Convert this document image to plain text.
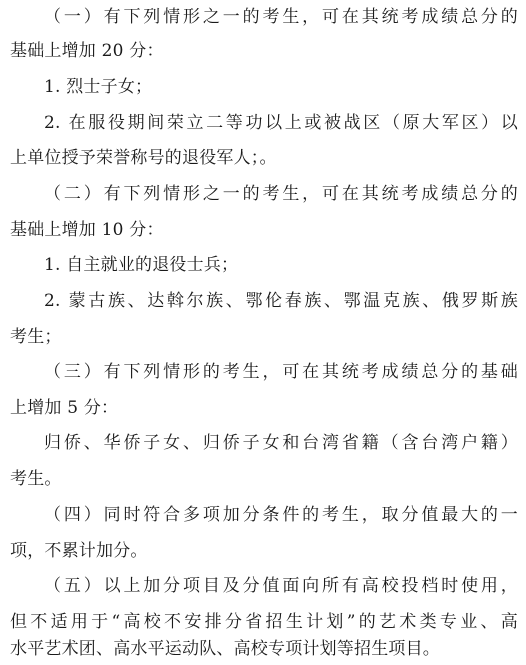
（一）有下列情形之一的考生，可在其统考成绩总分的
基础上增加 20 分：
1. 烈士子女；
2. 在服役期间荣立二等功以上或被战区（原大军区）以
上单位授予荣誉称号的退役军人；。
（二）有下列情形之一的考生，可在其统考成绩总分的
基础上增加 10 分：
1. 自主就业的退役士兵；
2. 蒙古族、达斡尔族、鄂伦春族、鄂温克族、俄罗斯族
考生；
（三）有下列情形的考生，可在其统考成绩总分的基础
上增加 5 分：
归侨、华侨子女、归侨子女和台湾省籍（含台湾户籍）
考生。
（四）同时符合多项加分条件的考生，取分值最大的一
项，不累计加分。
（五）以上加分项目及分值面向所有高校投档时使用，
但不适用于“高校不安排分省招生计划”的艺术类专业、高
水平艺术团、高水平运动队、高校专项计划等招生项目。
